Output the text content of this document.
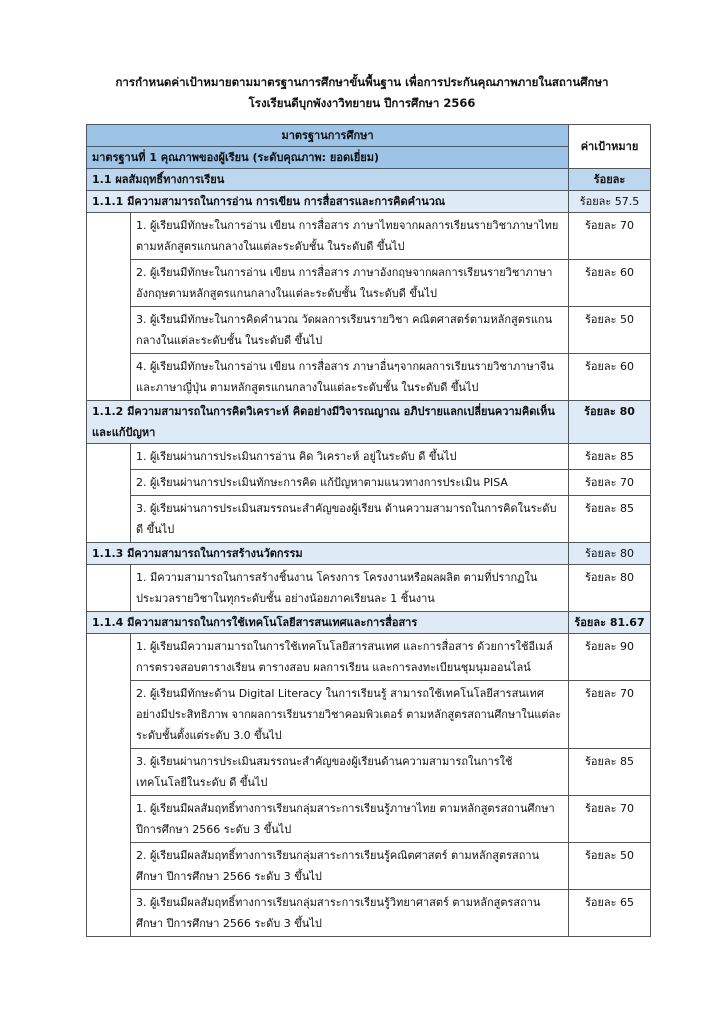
การกำหนดค่าเป้าหมายตามมาตรฐานการศึกษาขั้นพื้นฐาน เพื่อการประกันคุณภาพภายในสถานศึกษา
โรงเรียนดีบุกพังงาวิทยายน ปีการศึกษา 2566
มาตรฐานการศึกษา		ค่าเป้าหมาย
มาตรฐานที่ 1 คุณภาพของผู้เรียน (ระดับคุณภาพ: ยอดเยี่ยม)		
1.1 ผลสัมฤทธิ์ทางการเรียน		ร้อยละ
1.1.1 มีความสามารถในการอ่าน การเขียน การสื่อสารและการคิดคำนวณ		ร้อยละ 57.5
	1. ผู้เรียนมีทักษะในการอ่าน เขียน การสื่อสาร ภาษาไทยจากผลการเรียนรายวิชาภาษาไทยตามหลักสูตรแกนกลางในแต่ละระดับชั้น ในระดับดี ขึ้นไป	ร้อยละ 70
	2. ผู้เรียนมีทักษะในการอ่าน เขียน การสื่อสาร ภาษาอังกฤษจากผลการเรียนรายวิชาภาษาอังกฤษตามหลักสูตรแกนกลางในแต่ละระดับชั้น ในระดับดี ขึ้นไป	ร้อยละ 60
	3. ผู้เรียนมีทักษะในการคิดคำนวณ วัดผลการเรียนรายวิชา คณิตศาสตร์ตามหลักสูตรแกนกลางในแต่ละระดับชั้น ในระดับดี ขึ้นไป	ร้อยละ 50
	4. ผู้เรียนมีทักษะในการอ่าน เขียน การสื่อสาร ภาษาอื่นๆจากผลการเรียนรายวิชาภาษาจีนและภาษาญี่ปุ่น ตามหลักสูตรแกนกลางในแต่ละระดับชั้น ในระดับดี ขึ้นไป	ร้อยละ 60
1.1.2 มีความสามารถในการคิดวิเคราะห์ คิดอย่างมีวิจารณญาณ อภิปรายแลกเปลี่ยนความคิดเห็นและแก้ปัญหา		ร้อยละ 80
	1. ผู้เรียนผ่านการประเมินการอ่าน คิด วิเคราะห์ อยู่ในระดับ ดี ขึ้นไป	ร้อยละ 85
	2. ผู้เรียนผ่านการประเมินทักษะการคิด แก้ปัญหาตามแนวทางการประเมิน PISA	ร้อยละ 70
	3. ผู้เรียนผ่านการประเมินสมรรถนะสำคัญของผู้เรียน ด้านความสามารถในการคิดในระดับ ดี ขึ้นไป	ร้อยละ 85
1.1.3 มีความสามารถในการสร้างนวัตกรรม		ร้อยละ 80
	1. มีความสามารถในการสร้างชิ้นงาน โครงการ โครงงานหรือผลผลิต ตามที่ปรากฏในประมวลรายวิชาในทุกระดับชั้น อย่างน้อยภาคเรียนละ 1 ชิ้นงาน	ร้อยละ 80
1.1.4 มีความสามารถในการใช้เทคโนโลยีสารสนเทศและการสื่อสาร		ร้อยละ 81.67
	1. ผู้เรียนมีความสามารถในการใช้เทคโนโลยีสารสนเทศ และการสื่อสาร ด้วยการใช้อีเมล์ การตรวจสอบตารางเรียน ตารางสอบ ผลการเรียน และการลงทะเบียนชุมนุมออนไลน์	ร้อยละ 90
	2. ผู้เรียนมีทักษะด้าน Digital Literacy ในการเรียนรู้ สามารถใช้เทคโนโลยีสารสนเทศอย่างมีประสิทธิภาพ จากผลการเรียนรายวิชาคอมพิวเตอร์ ตามหลักสูตรสถานศึกษาในแต่ละระดับชั้นตั้งแต่ระดับ 3.0 ขึ้นไป	ร้อยละ 70
	3. ผู้เรียนผ่านการประเมินสมรรถนะสำคัญของผู้เรียนด้านความสามารถในการใช้เทคโนโลยีในระดับ ดี ขึ้นไป	ร้อยละ 85
	1. ผู้เรียนมีผลสัมฤทธิ์ทางการเรียนกลุ่มสาระการเรียนรู้ภาษาไทย ตามหลักสูตรสถานศึกษา ปีการศึกษา 2566 ระดับ 3 ขึ้นไป	ร้อยละ 70
	2. ผู้เรียนมีผลสัมฤทธิ์ทางการเรียนกลุ่มสาระการเรียนรู้คณิตศาสตร์ ตามหลักสูตรสถานศึกษา ปีการศึกษา 2566 ระดับ 3 ขึ้นไป	ร้อยละ 50
	3. ผู้เรียนมีผลสัมฤทธิ์ทางการเรียนกลุ่มสาระการเรียนรู้วิทยาศาสตร์ ตามหลักสูตรสถานศึกษา ปีการศึกษา 2566 ระดับ 3 ขึ้นไป	ร้อยละ 65
